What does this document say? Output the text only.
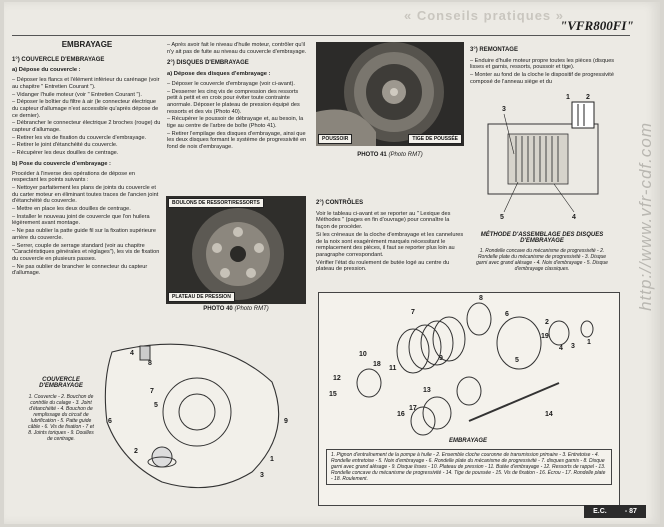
« Conseils pratiques »
"VFR800FI"

EMBRAYAGE

1°) COUVERCLE D'EMBRAYAGE

a) Dépose du couvercle :

– Déposer les flancs et l'élément inférieur du carénage (voir au chapitre " Entretien Courant ").

– Vidanger l'huile moteur (voir " Entretien Courant ").

– Déposer le boîtier du filtre à air (le connecteur électrique du capteur d'allumage n'est accessible qu'après dépose de ce dernier).

– Débrancher le connecteur électrique 2 broches (rouge) du capteur d'allumage.

– Retirer les vis de fixation du couvercle d'embrayage.

– Retirer le joint d'étanchéité du couvercle.

– Récupérer les deux douilles de centrage.

b) Pose du couvercle d'embrayage :

Procéder à l'inverse des opérations de dépose en respectant les points suivants :

– Nettoyer parfaitement les plans de joints du couvercle et du carter moteur en éliminant toutes traces de l'ancien joint d'étanchéité du couvercle.

– Mettre en place les deux douilles de centrage.

– Installer le nouveau joint de couvercle que l'on huilera légèrement avant montage.

– Ne pas oublier la patte guide fil sur la fixation supérieure arrière du couvercle.

– Serrer, couple de serrage standard (voir au chapitre "Caractéristiques générales et réglages"), les vis de fixation du couvercle en plusieurs passes.

– Ne pas oublier de brancher le connecteur du capteur d'allumage.

– Après avoir fait le niveau d'huile moteur, contrôler qu'il n'y ait pas de fuite au niveau du couvercle d'embrayage.

2°) DISQUES D'EMBRAYAGE

a) Dépose des disques d'embrayage :

– Déposer le couvercle d'embrayage (voir ci-avant).

– Desserrer les cinq vis de compression des ressorts petit à petit et en croix pour éviter toute contrainte anormale. Déposer le plateau de pression équipé des ressorts et des vis (Photo 40).

– Récupérer le poussoir de débrayage et, au besoin, la tige au centre de l'arbre de boîte (Photo 41).

– Retirer l'empilage des disques d'embrayage, ainsi que les deux disques formant le système de progressivité en fond de noix d'embrayage.

3°) REMONTAGE

– Enduire d'huile moteur propre toutes les pièces (disques lisses et garnis, ressorts, poussoir et tige).

– Monter au fond de la cloche le dispositif de progressivité composé de l'anneau siège et du

POUSSOIR	TIGE DE POUSSÉE
PHOTO 41 (Photo RMT)
BOULONS DE RESSORT/RESSORTS
PLATEAU DE PRESSION
PHOTO 40 (Photo RMT)

2°) CONTRÔLES

Voir le tableau ci-avant et se reporter au " Lexique des Méthodes " (pages en fin d'ouvrage) pour connaître la façon de procéder.

Si les créneaux de la cloche d'embrayage et les cannelures de la noix sont exagérément marqués nécessitant le remplacement des pièces, il faut se reporter plus loin au paragraphe correspondant.

Vérifier l'état du roulement de butée logé au centre du plateau de pression.

1 2
3
4
5
MÉTHODE D'ASSEMBLAGE DES DISQUES D'EMBRAYAGE
1. Rondelle concave du mécanisme de progressivité - 2. Rondelle plate du mécanisme de progressivité - 3. Disque garni avec grand alésage - 4. Noix d'embrayage - 5. Disque d'embrayage classiques.
1
2
3
4
5
6
7
8
9
COUVERCLE D'EMBRAYAGE
1. Couvercle - 2. Bouchon de contrôle du calage - 3. Joint d'étanchéité - 4. Bouchon de remplissage du circuit de lubrification - 5. Patte guide câble - 6. Vis de fixation - 7 et 8. Joints toriques - 9. Douilles de centrage.
1
2
3
4
5
6
7
8
9
10
11
12
13
14
15
16
17
18
19
EMBRAYAGE
1. Pignon d'entraînement de la pompe à huile - 2. Ensemble cloche couronne de transmission primaire - 3. Entretoise - 4. Rondelle entretoise - 5. Noix d'embrayage - 6. Rondelle plate du mécanisme de progressivité - 7. disques garnis - 8. Disque garni avec grand alésage - 9. Disque lisses - 10. Plateau de pression - 11. Butée d'embrayage - 12. Ressorts de rappel - 13. Rondelle concave du mécanisme de progressivité - 14. Tige de poussée - 15. Vis de fixation - 16. Écrou - 17. Rondelle plate - 18. Roulement.
http://www.vfr-cdf.com
E.C.	- 87
